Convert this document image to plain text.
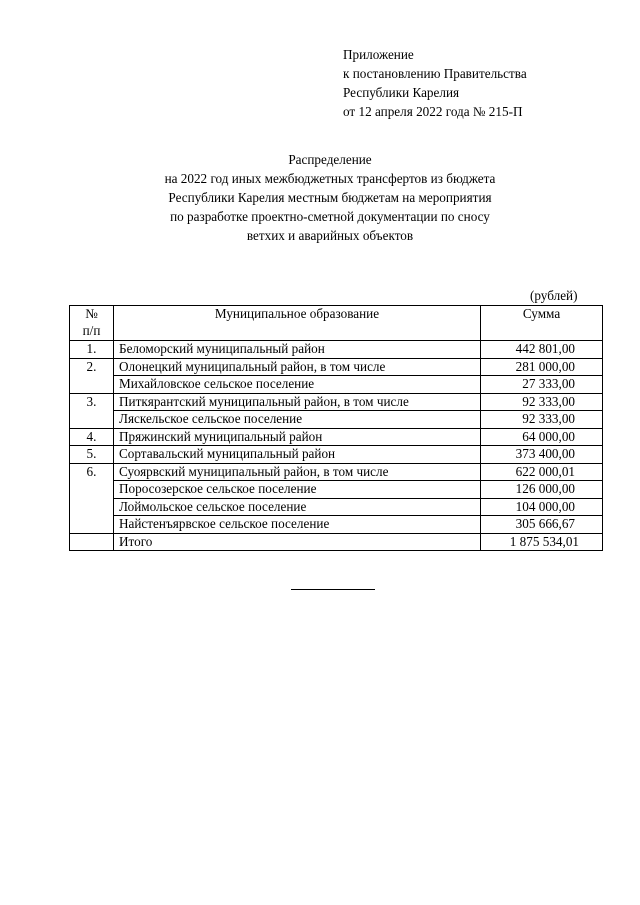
Приложение
к постановлению Правительства
Республики Карелия
от 12 апреля 2022 года № 215-П
Распределение
на 2022 год иных межбюджетных трансфертов из бюджета
Республики Карелия местным бюджетам на мероприятия
по разработке проектно-сметной документации по сносу
ветхих и аварийных объектов
(рублей)
№	Муниципальное образование	Сумма
п/п		
1.	Беломорский муниципальный район	442 801,00
2.	Олонецкий муниципальный район, в том числе	281 000,00
	Михайловское сельское поселение	27 333,00
3.	Питкярантский муниципальный район, в том числе	92 333,00
	Ляскельское сельское поселение	92 333,00
4.	Пряжинский муниципальный район	64 000,00
5.	Сортавальский муниципальный район	373 400,00
6.	Суоярвский муниципальный район, в том числе	622 000,01
	Поросозерское сельское поселение	126 000,00
	Лоймольское сельское поселение	104 000,00
	Найстенъярвское сельское поселение	305 666,67
	Итого	1 875 534,01
